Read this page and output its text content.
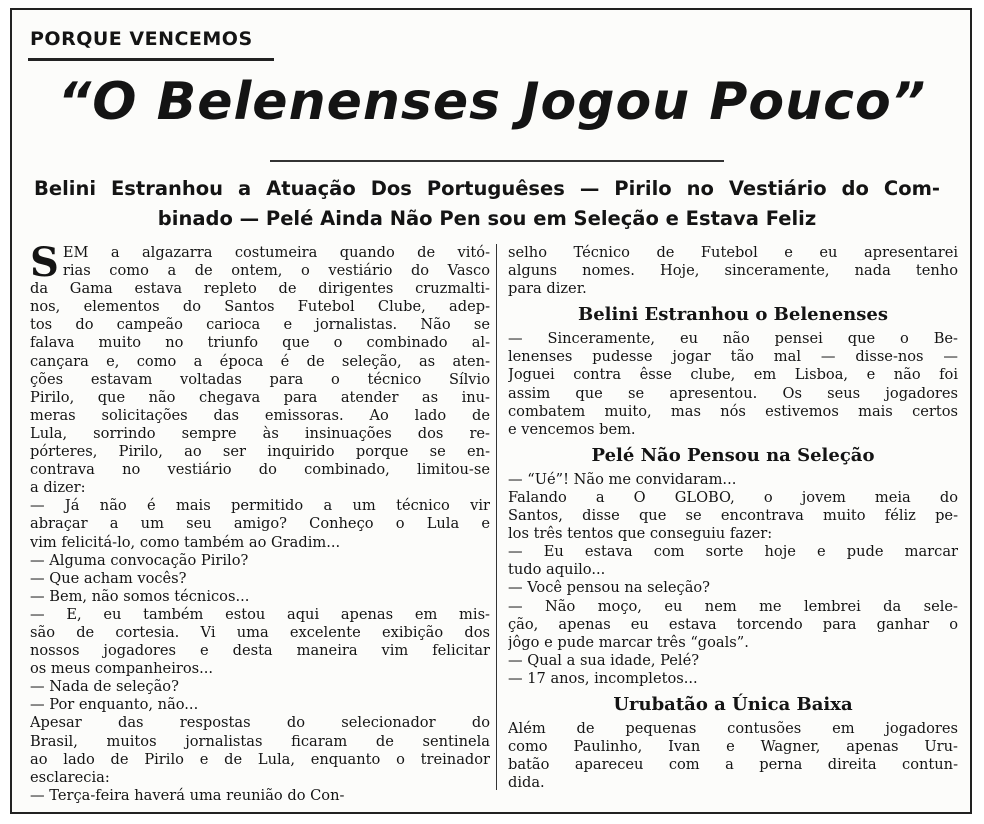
PORQUE VENCEMOS
“O Belenenses Jogou Pouco”
Belini Estranhou a Atuação Dos Portuguêses — Pirilo no Vestiário do Com-
binado — Pelé Ainda Não Pen sou em Seleção e Estava Feliz
S EM a algazarra costumeira quando de vitó-
rias como a de ontem, o vestiário do Vasco
da Gama estava repleto de dirigentes cruzmalti-
nos, elementos do Santos Futebol Clube, adep-
tos do campeão carioca e jornalistas. Não se
falava muito no triunfo que o combinado al-
cançara e, como a época é de seleção, as aten-
ções estavam voltadas para o técnico Sílvio
Pirilo, que não chegava para atender as inu-
meras solicitações das emissoras. Ao lado de
Lula, sorrindo sempre às insinuações dos re-
pórteres, Pirilo, ao ser inquirido porque se en-
contrava no vestiário do combinado, limitou-se
a dizer:
— Já não é mais permitido a um técnico vir
abraçar a um seu amigo? Conheço o Lula e
vim felicitá-lo, como também ao Gradim...
— Alguma convocação Pirilo?
— Que acham vocês?
— Bem, não somos técnicos...
— E, eu também estou aqui apenas em mis-
são de cortesia. Vi uma excelente exibição dos
nossos jogadores e desta maneira vim felicitar
os meus companheiros...
— Nada de seleção?
— Por enquanto, não...
Apesar das respostas do selecionador do
Brasil, muitos jornalistas ficaram de sentinela
ao lado de Pirilo e de Lula, enquanto o treinador
esclarecia:
— Terça-feira haverá uma reunião do Con-
selho Técnico de Futebol e eu apresentarei
alguns nomes. Hoje, sinceramente, nada tenho
para dizer.
Belini Estranhou o Belenenses
— Sinceramente, eu não pensei que o Be-
lenenses pudesse jogar tão mal — disse-nos —
Joguei contra êsse clube, em Lisboa, e não foi
assim que se apresentou. Os seus jogadores
combatem muito, mas nós estivemos mais certos
e vencemos bem.
Pelé Não Pensou na Seleção
— “Ué”! Não me convidaram...
Falando a O GLOBO, o jovem meia do
Santos, disse que se encontrava muito féliz pe-
los três tentos que conseguiu fazer:
— Eu estava com sorte hoje e pude marcar
tudo aquilo...
— Você pensou na seleção?
— Não moço, eu nem me lembrei da sele-
ção, apenas eu estava torcendo para ganhar o
jôgo e pude marcar três “goals”.
— Qual a sua idade, Pelé?
— 17 anos, incompletos...
Urubatão a Única Baixa
Além de pequenas contusões em jogadores
como Paulinho, Ivan e Wagner, apenas Uru-
batão apareceu com a perna direita contun-
dida.
